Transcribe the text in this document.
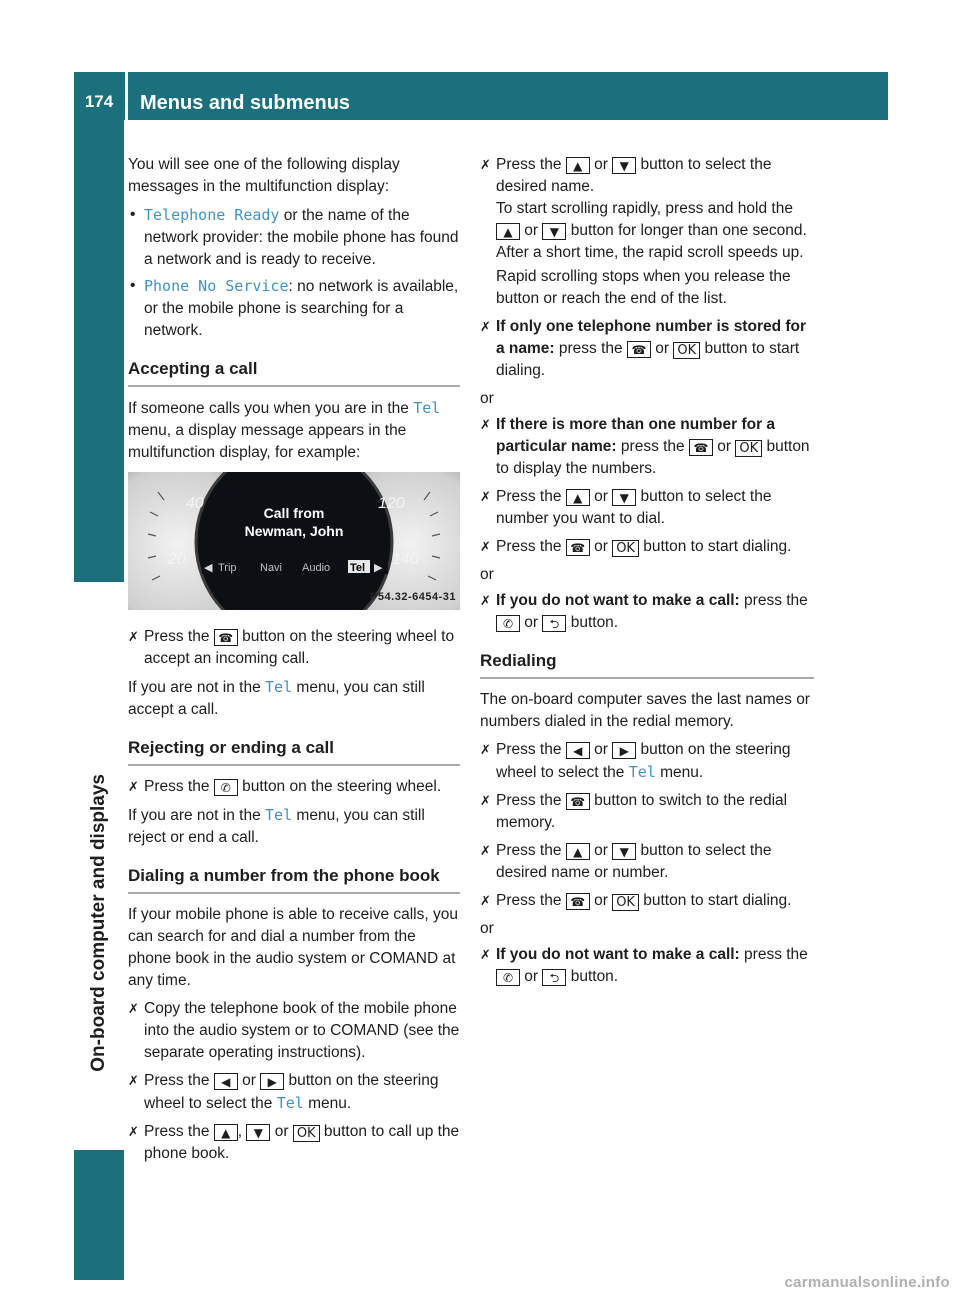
174	Menus and submenus
On-board computer and displays

You will see one of the following display messages in the multifunction display:

• Telephone Ready or the name of the network provider: the mobile phone has found a network and is ready to receive.
• Phone No Service: no network is available, or the mobile phone is searching for a network.
Accepting a call

If someone calls you when you are in the Tel menu, a display message appears in the multifunction display, for example:

40	120
20	140
Call from
Newman, John
◀ Trip Navi Audio Tel ▶
P54.32-6454-31
✗ Press the ☎ button on the steering wheel to accept an incoming call.

If you are not in the Tel menu, you can still accept a call.

Rejecting or ending a call
✗ Press the ✆ button on the steering wheel.

If you are not in the Tel menu, you can still reject or end a call.

Dialing a number from the phone book

If your mobile phone is able to receive calls, you can search for and dial a number from the phone book in the audio system or COMAND at any time.

✗ Copy the telephone book of the mobile phone into the audio system or to COMAND (see the separate operating instructions).
✗ Press the ◀ or ▶ button on the steering wheel to select the Tel menu.
✗ Press the ▲ , ▼ or OK button to call up the phone book.
✗ Press the ▲ or ▼ button to select the desired name.
To start scrolling rapidly, press and hold the ▲ or ▼ button for longer than one second. After a short time, the rapid scroll speeds up.
Rapid scrolling stops when you release the button or reach the end of the list.
✗ If only one telephone number is stored for a name: press the ☎ or OK button to start dialing.
or
✗ If there is more than one number for a particular name: press the ☎ or OK button to display the numbers.
✗ Press the ▲ or ▼ button to select the number you want to dial.
✗ Press the ☎ or OK button to start dialing.
or
✗ If you do not want to make a call: press the ✆ or ⮌ button.
Redialing

The on-board computer saves the last names or numbers dialed in the redial memory.

✗ Press the ◀ or ▶ button on the steering wheel to select the Tel menu.
✗ Press the ☎ button to switch to the redial memory.
✗ Press the ▲ or ▼ button to select the desired name or number.
✗ Press the ☎ or OK button to start dialing.
or
✗ If you do not want to make a call: press the ✆ or ⮌ button.
carmanualsonline.info
